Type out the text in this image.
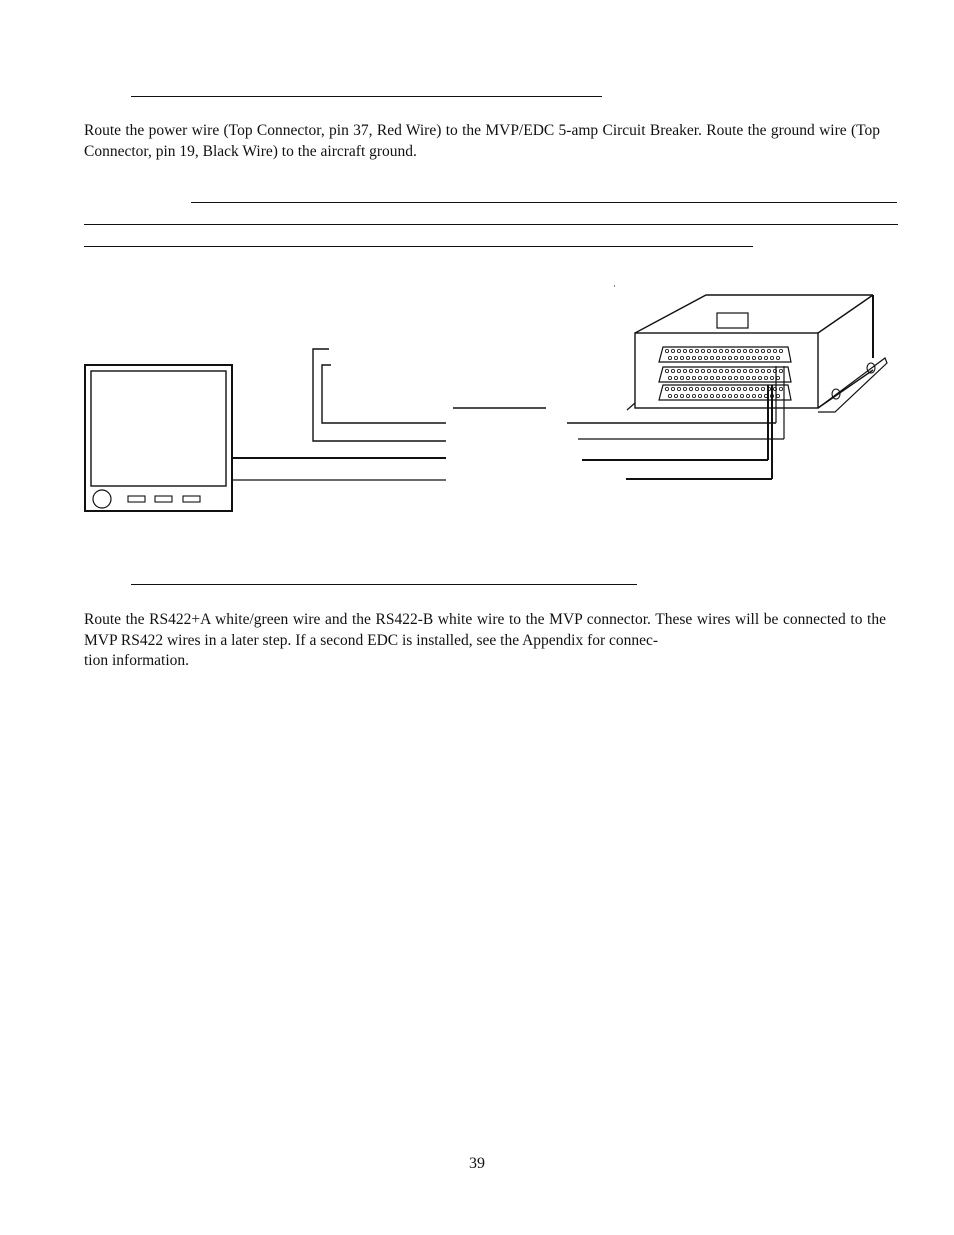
Route the power wire (Top Connector, pin 37, Red Wire) to the MVP/EDC 5-amp Circuit Breaker. Route the ground wire (Top Connector, pin 19, Black Wire) to the aircraft ground.

Route the RS422+A white/green wire and the RS422-B white wire to the MVP connector. These wires will be connected to the MVP RS422 wires in a later step. If a second EDC is installed, see the Appendix for connec-
tion information.

39
